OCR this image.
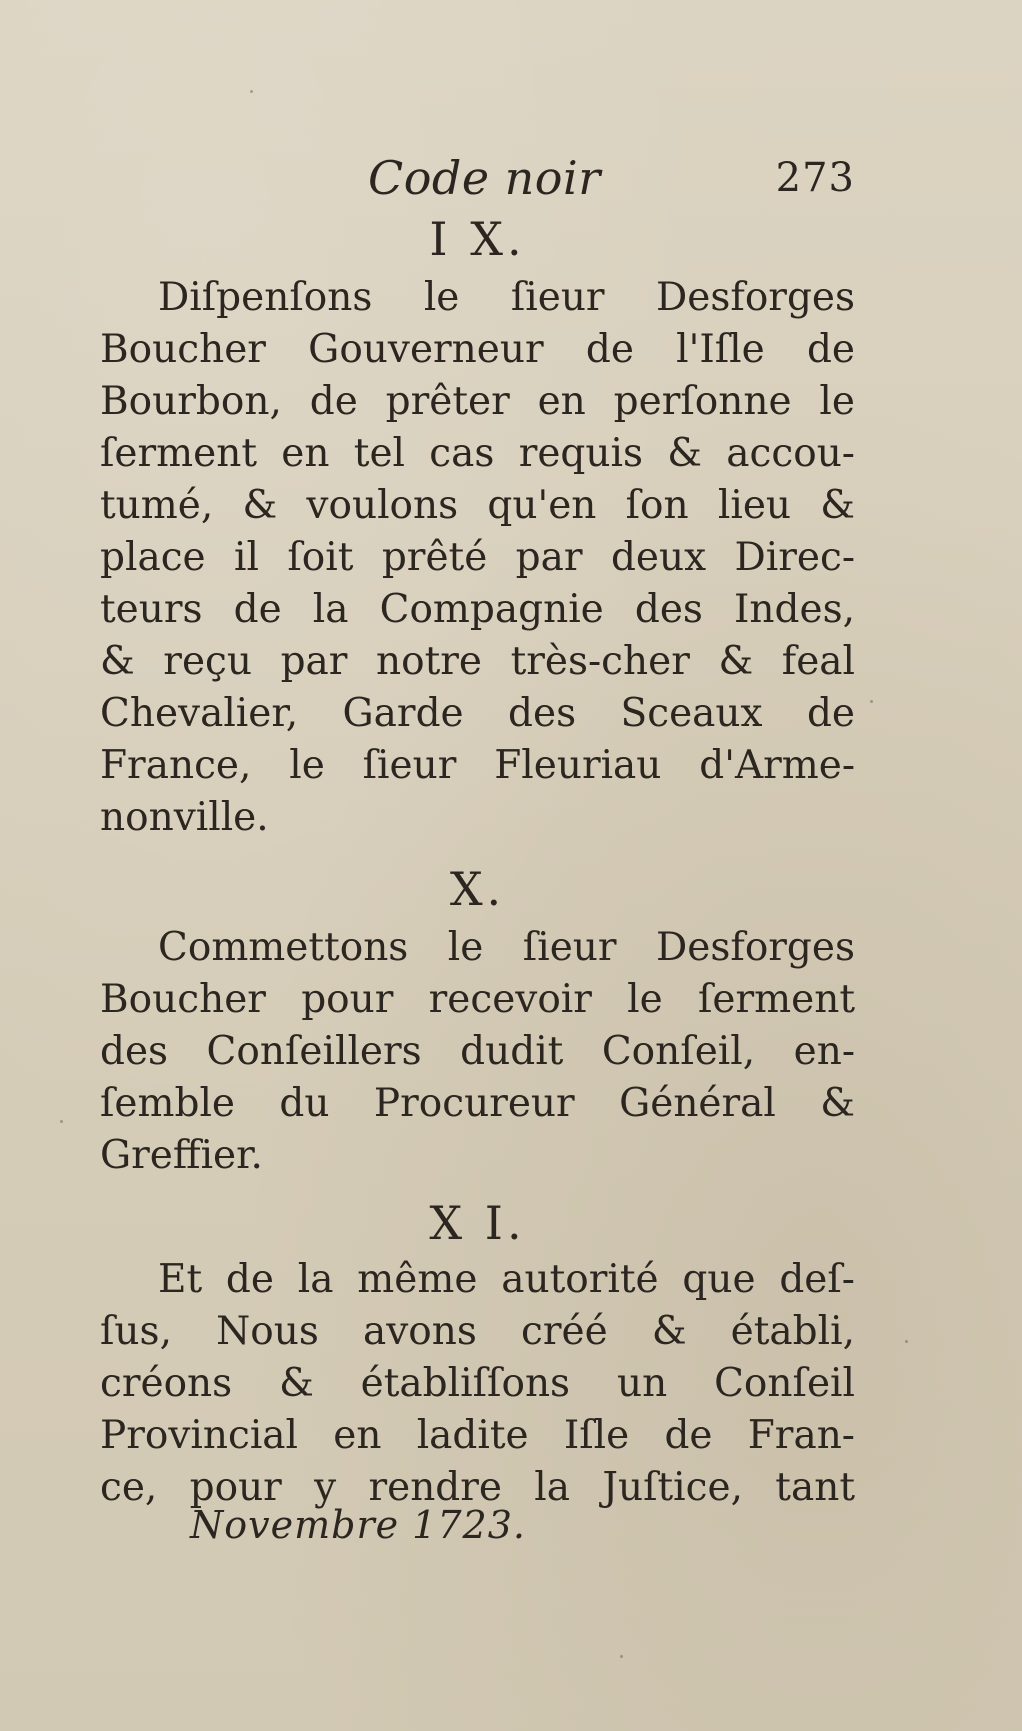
Code noir	273
I X.
Diſpenſons le ſieur Desforges
Boucher Gouverneur de l'Iſle de
Bourbon, de prêter en perſonne le
ſerment en tel cas requis & accou-
tumé, & voulons qu'en ſon lieu &
place il ſoit prêté par deux Direc-
teurs de la Compagnie des Indes,
& reçu par notre très-cher & feal
Chevalier, Garde des Sceaux de
France, le ſieur Fleuriau d'Arme-
nonville.
X.
Commettons le ſieur Desforges
Boucher pour recevoir le ſerment
des Conſeillers dudit Conſeil, en-
ſemble du Procureur Général &
Greffier.
X I.
Et de la même autorité que deſ-
ſus, Nous avons créé & établi,
créons & établiſſons un Conſeil
Provincial en ladite Iſle de Fran-
ce, pour y rendre la Juſtice, tant
Novembre 1723.
